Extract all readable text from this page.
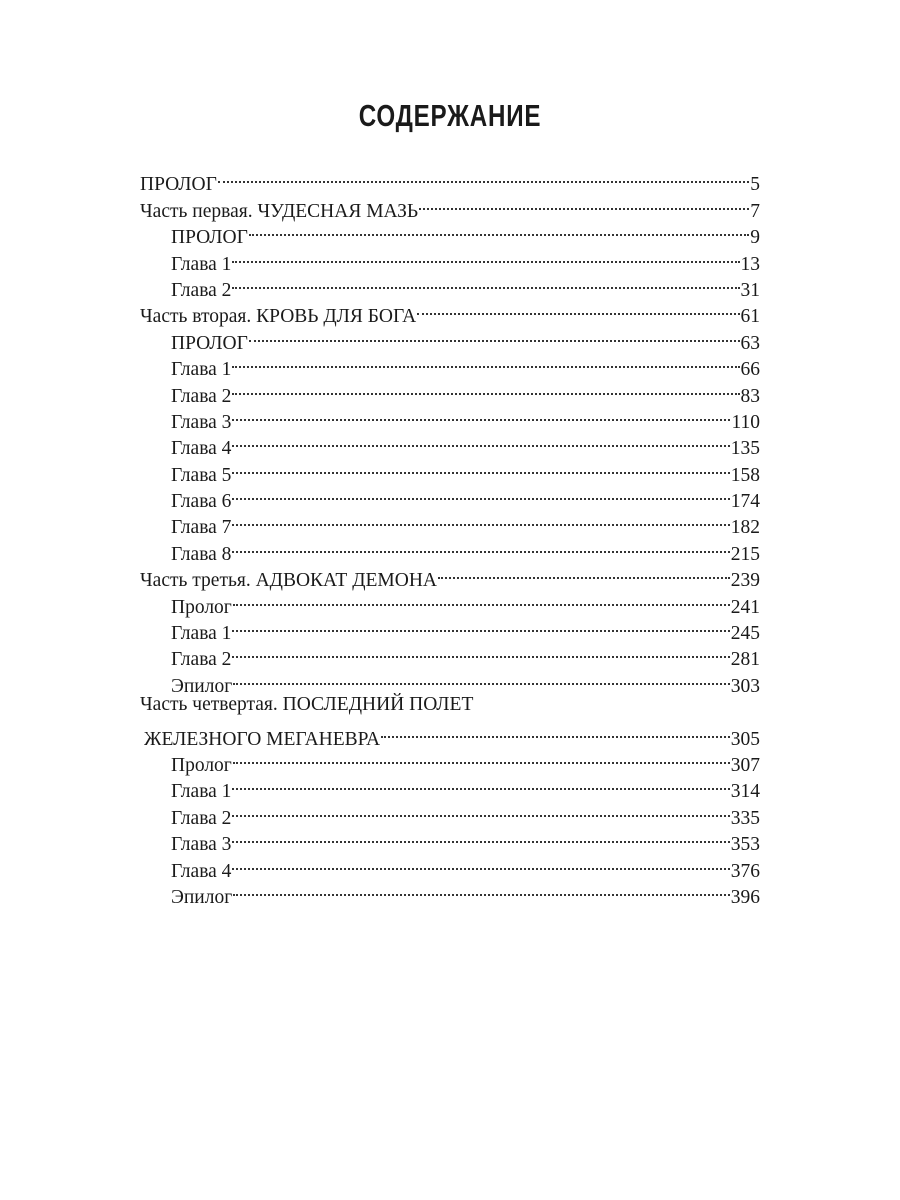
СОДЕРЖАНИЕ
ПРОЛОГ	5
Часть первая. ЧУДЕСНАЯ МАЗЬ	7
ПРОЛОГ	9
Глава 1	13
Глава 2	31
Часть вторая. КРОВЬ ДЛЯ БОГА	61
ПРОЛОГ	63
Глава 1	66
Глава 2	83
Глава 3	110
Глава 4	135
Глава 5	158
Глава 6	174
Глава 7	182
Глава 8	215
Часть третья. АДВОКАТ ДЕМОНА	239
Пролог	241
Глава 1	245
Глава 2	281
Эпилог	303
Часть четвертая. ПОСЛЕДНИЙ ПОЛЕТ
ЖЕЛЕЗНОГО МЕГАНЕВРА	305
Пролог	307
Глава 1	314
Глава 2	335
Глава 3	353
Глава 4	376
Эпилог	396
